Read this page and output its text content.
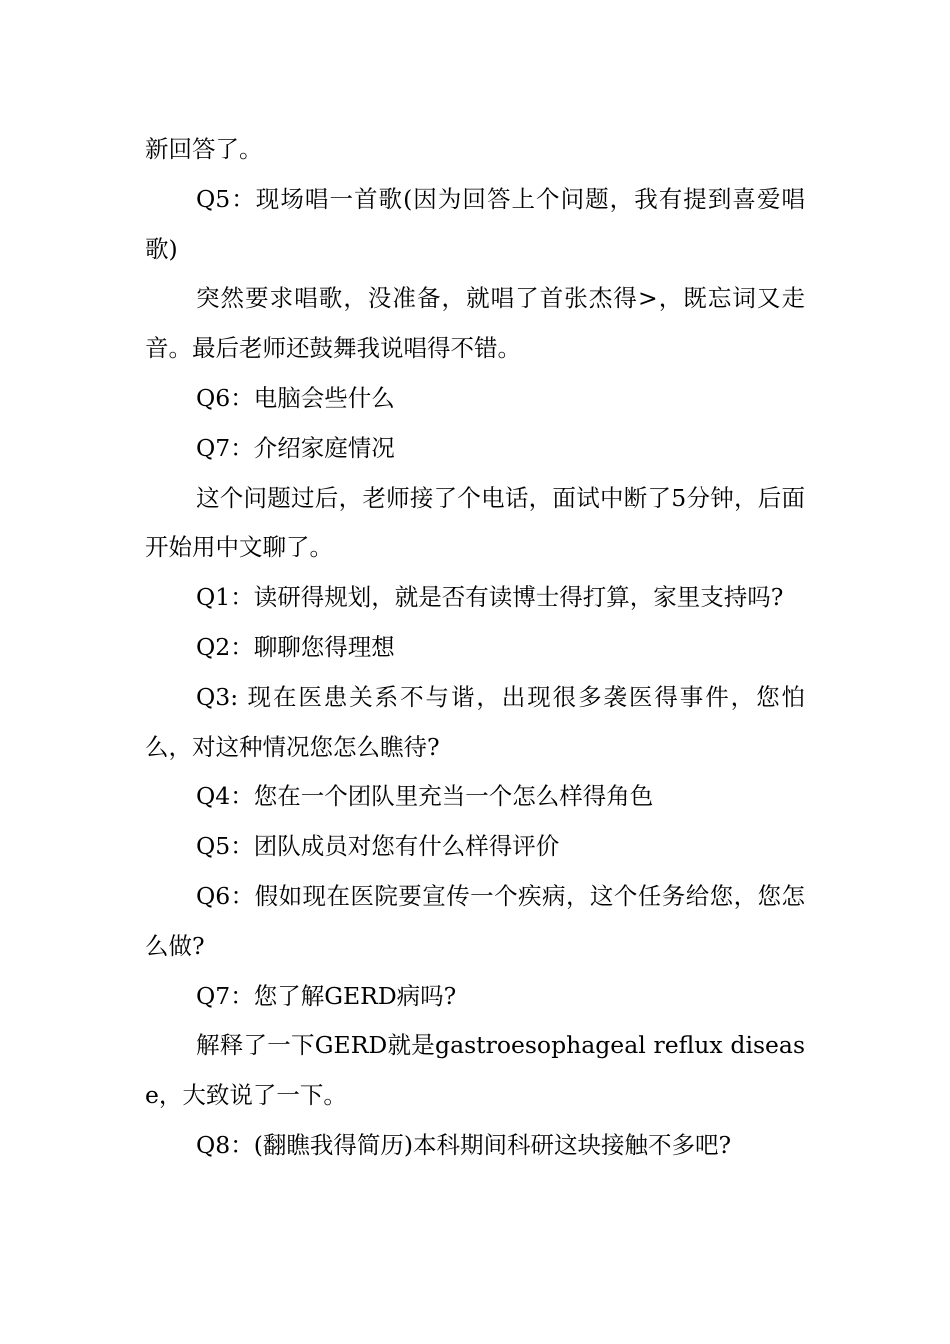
新回答了。

Q5：现场唱一首歌(因为回答上个问题，我有提到喜爱唱歌)

突然要求唱歌，没准备，就唱了首张杰得>，既忘词又走音。最后老师还鼓舞我说唱得不错。

Q6：电脑会些什么

Q7：介绍家庭情况

这个问题过后，老师接了个电话，面试中断了5分钟，后面开始用中文聊了。

Q1：读研得规划，就是否有读博士得打算，家里支持吗?

Q2：聊聊您得理想

Q3: 现在医患关系不与谐，出现很多袭医得事件，您怕么，对这种情况您怎么瞧待?

Q4：您在一个团队里充当一个怎么样得角色

Q5：团队成员对您有什么样得评价

Q6：假如现在医院要宣传一个疾病，这个任务给您，您怎么做?

Q7：您了解GERD病吗?

解释了一下GERD就是gastroesophageal reflux disease，大致说了一下。

Q8：(翻瞧我得简历)本科期间科研这块接触不多吧?
